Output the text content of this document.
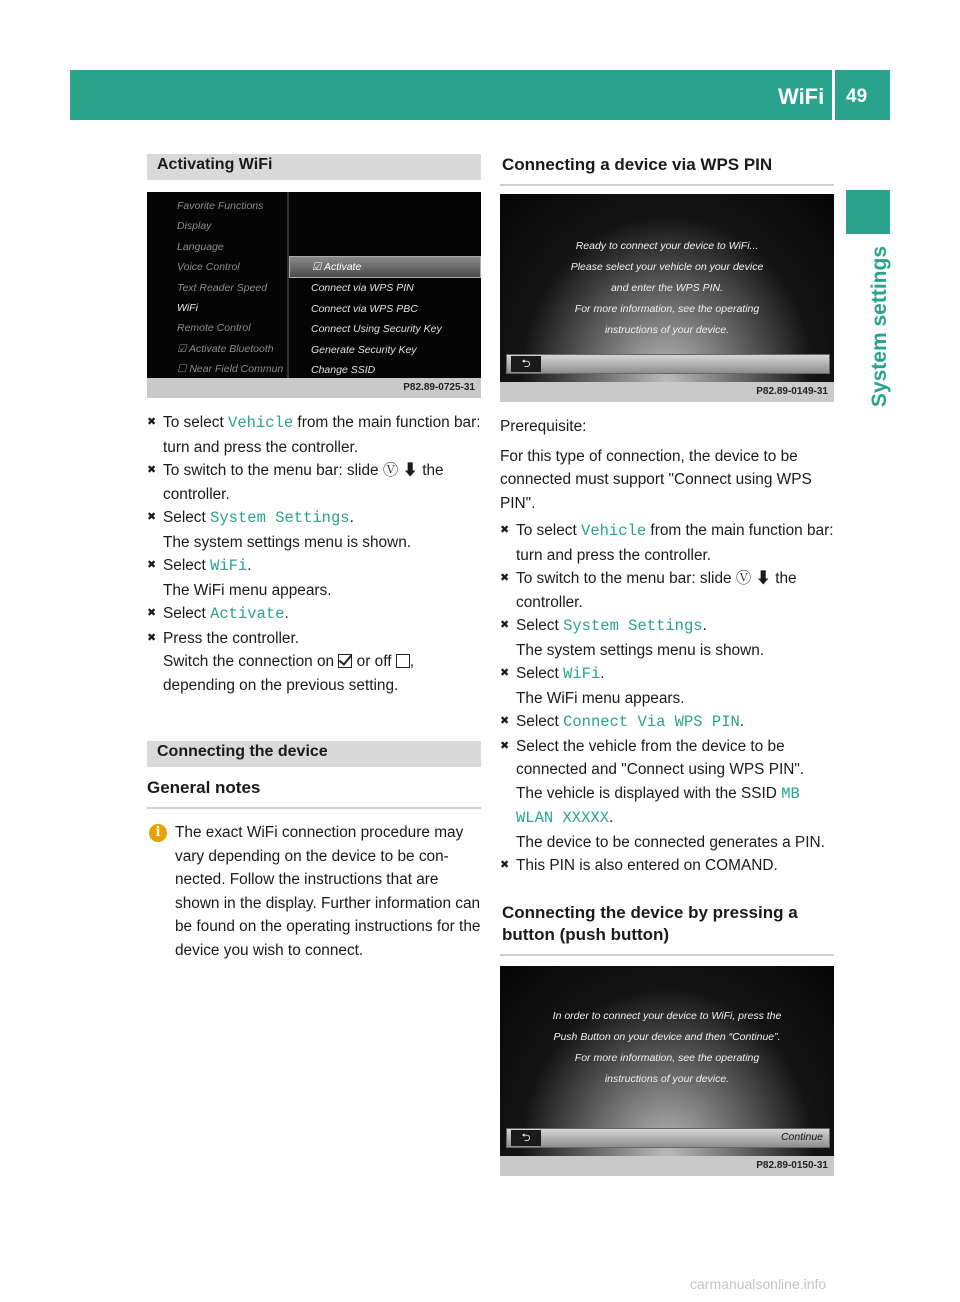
WiFi 49
System settings
Activating WiFi
Favorite Functions
Display
Language
Voice Control
Text Reader Speed
WiFi
Remote Control
☑ Activate Bluetooth
☐ Near Field Commun
☑ Activate
Connect via WPS PIN
Connect via WPS PBC
Connect Using Security Key
Generate Security Key
Change SSID
P82.89-0725-31
✖ To select Vehicle from the main function bar: turn and press the controller.
✖ To switch to the menu bar: slide Ⓥ ⬇ the controller.
✖ Select System Settings.
The system settings menu is shown.
✖ Select WiFi.
The WiFi menu appears.
✖ Select Activate.
✖ Press the controller.
Switch the connection on  or off ,
depending on the previous setting.
Connecting the device
General notes
i The exact WiFi connection procedure may vary depending on the device to be con-nected. Follow the instructions that are shown in the display. Further information can be found on the operating instructions for the device you wish to connect.
Connecting a device via WPS PIN
Ready to connect your device to WiFi...
Please select your vehicle on your device
and enter the WPS PIN.
For more information, see the operating
instructions of your device.
⮌
P82.89-0149-31
Prerequisite:
For this type of connection, the device to be connected must support "Connect using WPS PIN".
✖ To select Vehicle from the main function bar: turn and press the controller.
✖ To switch to the menu bar: slide Ⓥ ⬇ the controller.
✖ Select System Settings.
The system settings menu is shown.
✖ Select WiFi.
The WiFi menu appears.
✖ Select Connect Via WPS PIN.
✖ Select the vehicle from the device to be connected and "Connect using WPS PIN". The vehicle is displayed with the SSID MB WLAN XXXXX.
The device to be connected generates a PIN.
✖ This PIN is also entered on COMAND.
Connecting the device by pressing a button (push button)
In order to connect your device to WiFi, press the
Push Button on your device and then “Continue”.
For more information, see the operating
instructions of your device.
⮌	Continue
P82.89-0150-31
carmanualsonline.info
